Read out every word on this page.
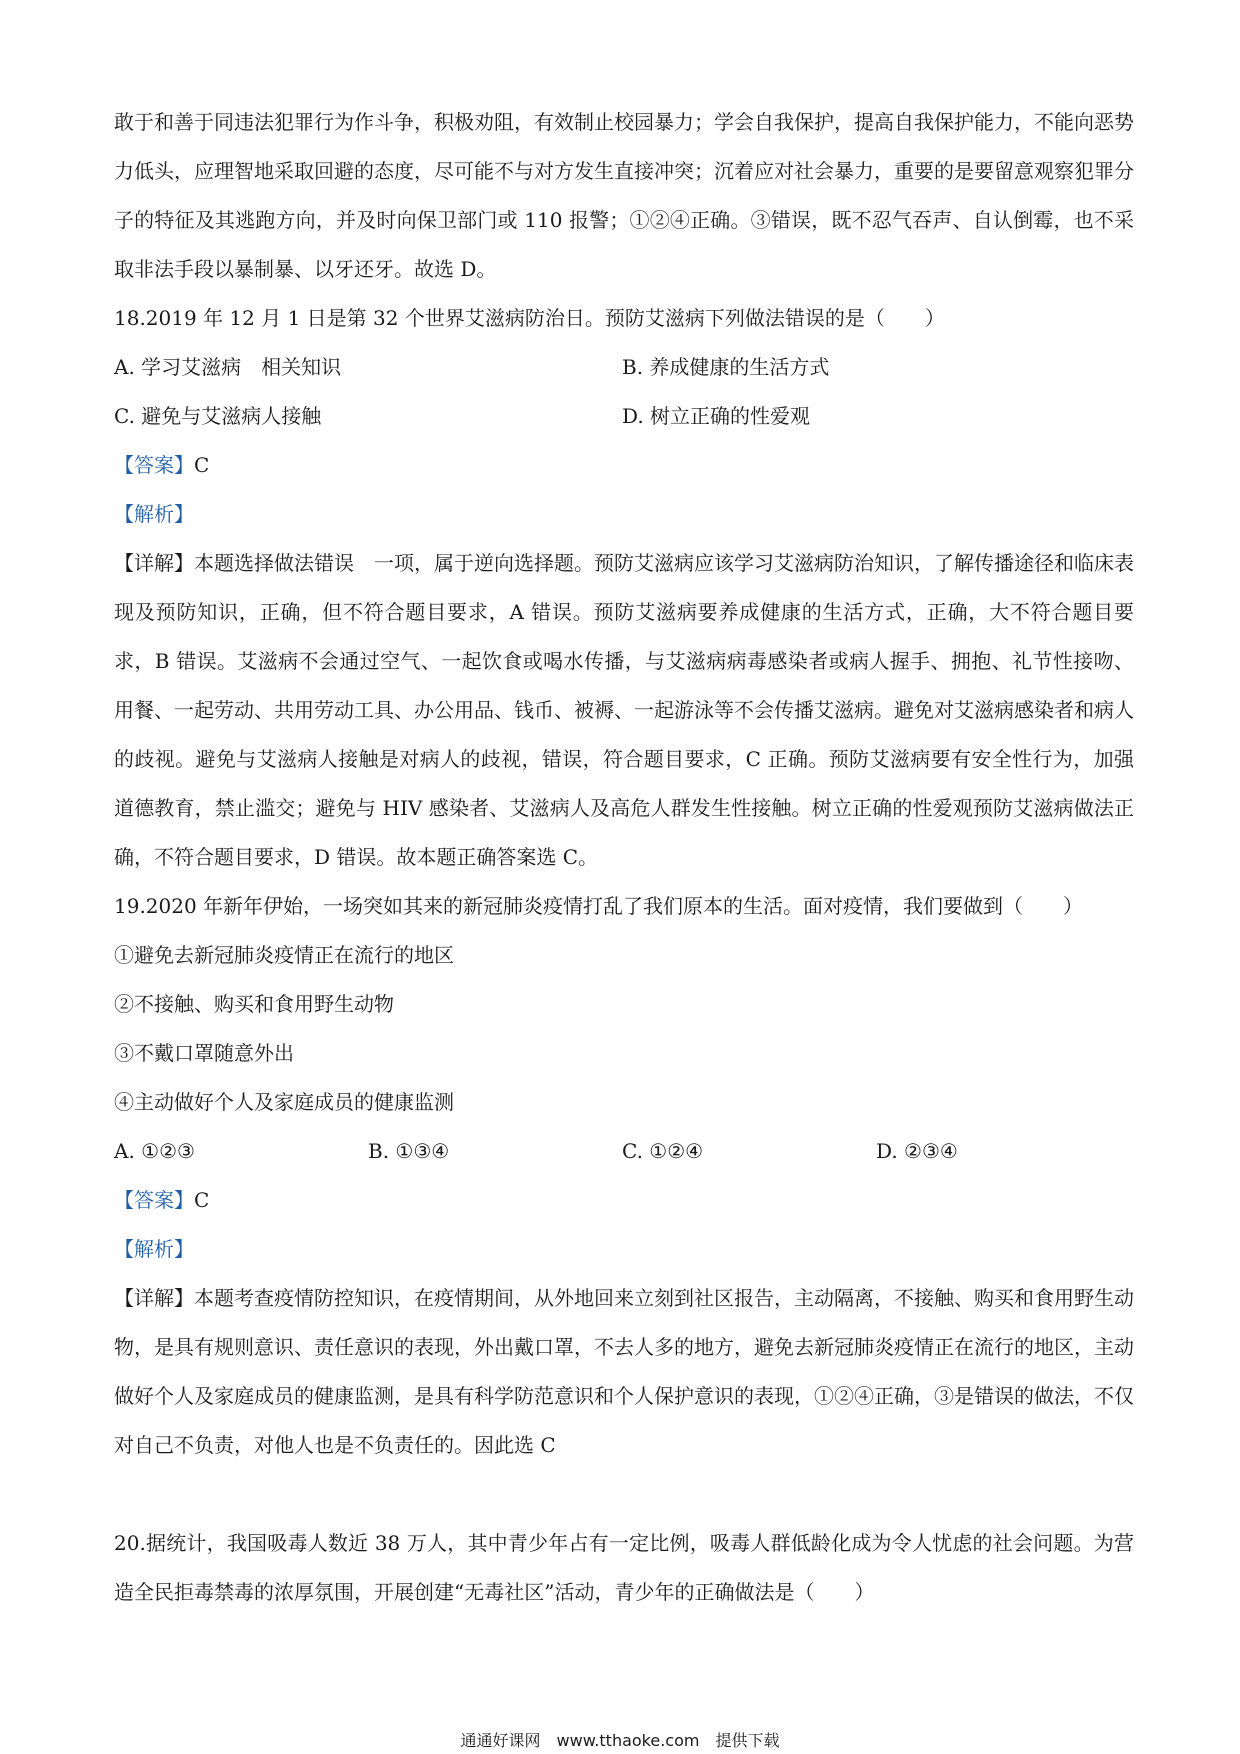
敢于和善于同违法犯罪行为作斗争，积极劝阻，有效制止校园暴力；学会自我保护，提高自我保护能力，不能向恶势力低头，应理智地采取回避的态度，尽可能不与对方发生直接冲突；沉着应对社会暴力，重要的是要留意观察犯罪分子的特征及其逃跑方向，并及时向保卫部门或 110 报警；①②④正确。③错误，既不忍气吞声、自认倒霉，也不采取非法手段以暴制暴、以牙还牙。故选 D。

18.2019 年 12 月 1 日是第 32 个世界艾滋病防治日。预防艾滋病下列做法错误的是（　　）

A. 学习艾滋病　相关知识	B. 养成健康的生活方式
C. 避免与艾滋病人接触	D. 树立正确的性爱观

【答案】C

【解析】

【详解】本题选择做法错误　一项，属于逆向选择题。预防艾滋病应该学习艾滋病防治知识，了解传播途径和临床表现及预防知识，正确，但不符合题目要求，A 错误。预防艾滋病要养成健康的生活方式，正确，大不符合题目要求，B 错误。艾滋病不会通过空气、一起饮食或喝水传播，与艾滋病病毒感染者或病人握手、拥抱、礼节性接吻、用餐、一起劳动、共用劳动工具、办公用品、钱币、被褥、一起游泳等不会传播艾滋病。避免对艾滋病感染者和病人的歧视。避免与艾滋病人接触是对病人的歧视，错误，符合题目要求，C 正确。预防艾滋病要有安全性行为，加强道德教育，禁止滥交；避免与 HIV 感染者、艾滋病人及高危人群发生性接触。树立正确的性爱观预防艾滋病做法正确，不符合题目要求，D 错误。故本题正确答案选 C。

19.2020 年新年伊始，一场突如其来的新冠肺炎疫情打乱了我们原本的生活。面对疫情，我们要做到（　　）

①避免去新冠肺炎疫情正在流行的地区

②不接触、购买和食用野生动物

③不戴口罩随意外出

④主动做好个人及家庭成员的健康监测

A. ①②③	B. ①③④	C. ①②④	D. ②③④

【答案】C

【解析】

【详解】本题考查疫情防控知识，在疫情期间，从外地回来立刻到社区报告，主动隔离，不接触、购买和食用野生动物，是具有规则意识、责任意识的表现，外出戴口罩，不去人多的地方，避免去新冠肺炎疫情正在流行的地区，主动做好个人及家庭成员的健康监测，是具有科学防范意识和个人保护意识的表现，①②④正确，③是错误的做法，不仅对自己不负责，对他人也是不负责任的。因此选 C

20.据统计，我国吸毒人数近 38 万人，其中青少年占有一定比例，吸毒人群低龄化成为令人忧虑的社会问题。为营造全民拒毒禁毒的浓厚氛围，开展创建“无毒社区”活动，青少年的正确做法是（　　）

通通好课网　www.tthaoke.com　提供下载
